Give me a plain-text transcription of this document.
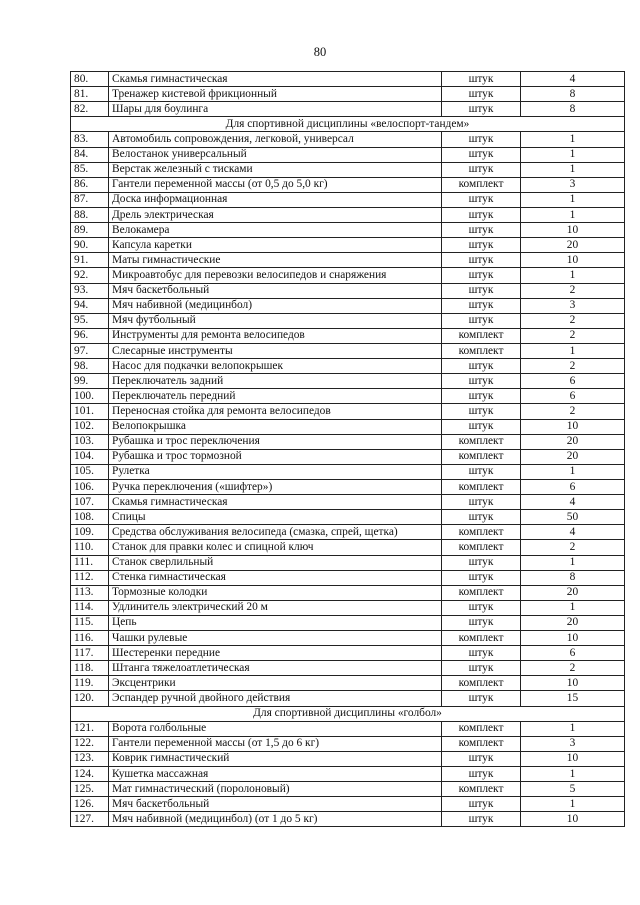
80
80.	Скамья гимнастическая	штук	4
81.	Тренажер кистевой фрикционный	штук	8
82.	Шары для боулинга	штук	8
Для спортивной дисциплины «велоспорт-тандем»			
83.	Автомобиль сопровождения, легковой, универсал	штук	1
84.	Велостанок универсальный	штук	1
85.	Верстак железный с тисками	штук	1
86.	Гантели переменной массы (от 0,5 до 5,0 кг)	комплект	3
87.	Доска информационная	штук	1
88.	Дрель электрическая	штук	1
89.	Велокамера	штук	10
90.	Капсула каретки	штук	20
91.	Маты гимнастические	штук	10
92.	Микроавтобус для перевозки велосипедов и снаряжения	штук	1
93.	Мяч баскетбольный	штук	2
94.	Мяч набивной (медицинбол)	штук	3
95.	Мяч футбольный	штук	2
96.	Инструменты для ремонта велосипедов	комплект	2
97.	Слесарные инструменты	комплект	1
98.	Насос для подкачки велопокрышек	штук	2
99.	Переключатель задний	штук	6
100.	Переключатель передний	штук	6
101.	Переносная стойка для ремонта велосипедов	штук	2
102.	Велопокрышка	штук	10
103.	Рубашка и трос переключения	комплект	20
104.	Рубашка и трос тормозной	комплект	20
105.	Рулетка	штук	1
106.	Ручка переключения («шифтер»)	комплект	6
107.	Скамья гимнастическая	штук	4
108.	Спицы	штук	50
109.	Средства обслуживания велосипеда (смазка, спрей, щетка)	комплект	4
110.	Станок для правки колес и спицной ключ	комплект	2
111.	Станок сверлильный	штук	1
112.	Стенка гимнастическая	штук	8
113.	Тормозные колодки	комплект	20
114.	Удлинитель электрический 20 м	штук	1
115.	Цепь	штук	20
116.	Чашки рулевые	комплект	10
117.	Шестеренки передние	штук	6
118.	Штанга тяжелоатлетическая	штук	2
119.	Эксцентрики	комплект	10
120.	Эспандер ручной двойного действия	штук	15
Для спортивной дисциплины «голбол»			
121.	Ворота голбольные	комплект	1
122.	Гантели переменной массы (от 1,5 до 6 кг)	комплект	3
123.	Коврик гимнастический	штук	10
124.	Кушетка массажная	штук	1
125.	Мат гимнастический (поролоновый)	комплект	5
126.	Мяч баскетбольный	штук	1
127.	Мяч набивной (медицинбол) (от 1 до 5 кг)	штук	10
